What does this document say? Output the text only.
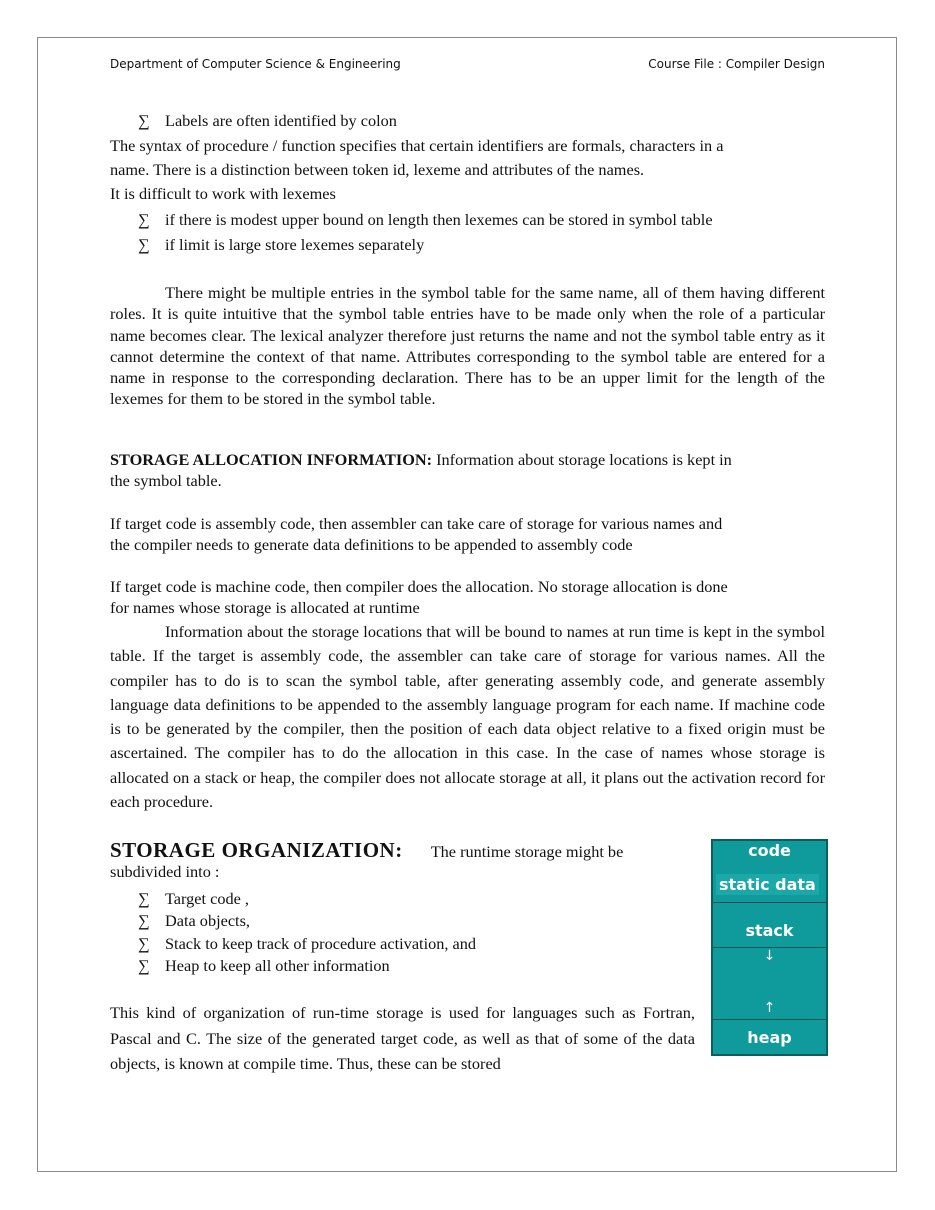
Department of Computer Science & Engineering	Course File : Compiler Design
∑ Labels are often identified by colon
The syntax of procedure / function specifies that certain identifiers are formals, characters in a
name. There is a distinction between token id, lexeme and attributes of the names.
It is difficult to work with lexemes
∑ if there is modest upper bound on length then lexemes can be stored in symbol table
∑ if limit is large store lexemes separately
There might be multiple entries in the symbol table for the same name, all of them having different roles. It is quite intuitive that the symbol table entries have to be made only when the role of a particular name becomes clear. The lexical analyzer therefore just returns the name and not the symbol table entry as it cannot determine the context of that name. Attributes corresponding to the symbol table are entered for a name in response to the corresponding declaration. There has to be an upper limit for the length of the lexemes for them to be stored in the symbol table.
STORAGE ALLOCATION INFORMATION: Information about storage locations is kept in
the symbol table.
If target code is assembly code, then assembler can take care of storage for various names and
the compiler needs to generate data definitions to be appended to assembly code
If target code is machine code, then compiler does the allocation. No storage allocation is done
for names whose storage is allocated at runtime
Information about the storage locations that will be bound to names at run time is kept in the symbol table. If the target is assembly code, the assembler can take care of storage for various names. All the compiler has to do is to scan the symbol table, after generating assembly code, and generate assembly language data definitions to be appended to the assembly language program for each name. If machine code is to be generated by the compiler, then the position of each data object relative to a fixed origin must be ascertained. The compiler has to do the allocation in this case. In the case of names whose storage is allocated on a stack or heap, the compiler does not allocate storage at all, it plans out the activation record for each procedure.
STORAGE ORGANIZATION: The runtime storage might be
subdivided into :
∑ Target code ,
∑ Data objects,
∑ Stack to keep track of procedure activation, and
∑ Heap to keep all other information
This kind of organization of run-time storage is used for languages such as Fortran, Pascal and C. The size of the generated target code, as well as that of some of the data objects, is known at compile time. Thus, these can be stored
code
static data
stack
↓
↑
heap
